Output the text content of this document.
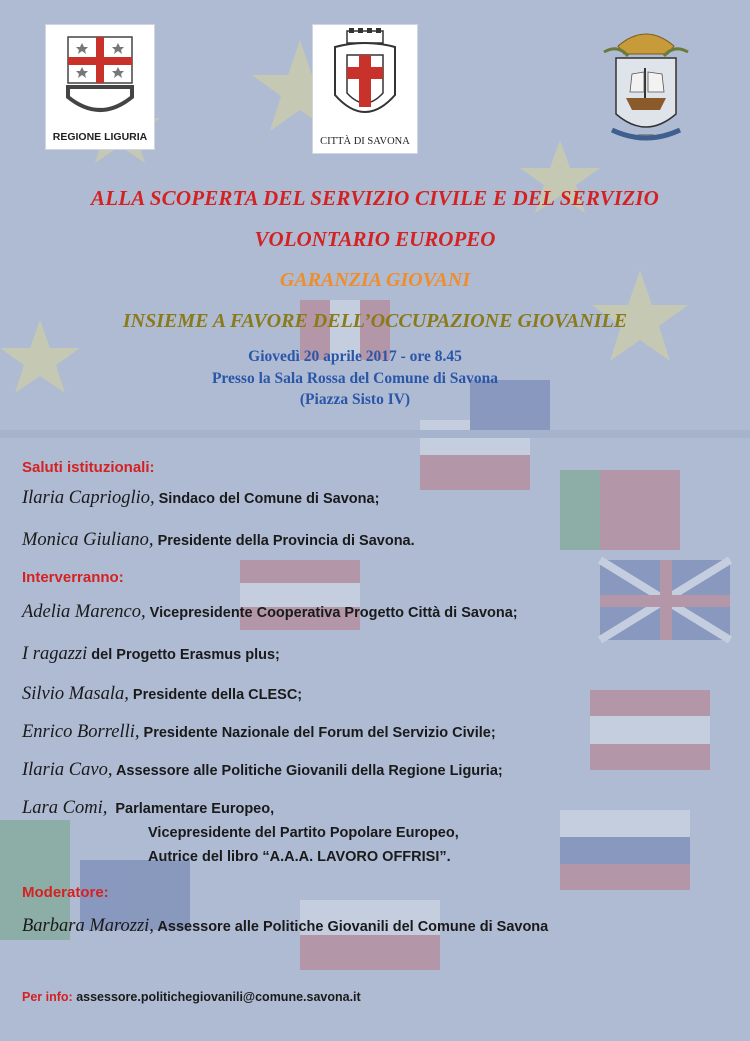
REGIONE LIGURIA	CITTÀ DI SAVONA
ALLA SCOPERTA DEL SERVIZIO CIVILE E DEL SERVIZIO
VOLONTARIO EUROPEO
GARANZIA GIOVANI
INSIEME A FAVORE DELL’OCCUPAZIONE GIOVANILE
Giovedì 20 aprile 2017 - ore 8.45
Presso la Sala Rossa del Comune di Savona
(Piazza Sisto IV)
Saluti istituzionali:
Ilaria Caprioglio, Sindaco del Comune di Savona;
Monica Giuliano, Presidente della Provincia di Savona.
Interverranno:
Adelia Marenco, Vicepresidente Cooperativa Progetto Città di Savona;
I ragazzi del Progetto Erasmus plus;
Silvio Masala, Presidente della CLESC;
Enrico Borrelli, Presidente Nazionale del Forum del Servizio Civile;
Ilaria Cavo, Assessore alle Politiche Giovanili della Regione Liguria;
Lara Comi,  Parlamentare Europeo,
Vicepresidente del Partito Popolare Europeo,
Autrice del libro “A.A.A. LAVORO OFFRISI”.
Moderatore:
Barbara Marozzi, Assessore alle Politiche Giovanili del Comune di Savona
Per info: assessore.politichegiovanili@comune.savona.it
